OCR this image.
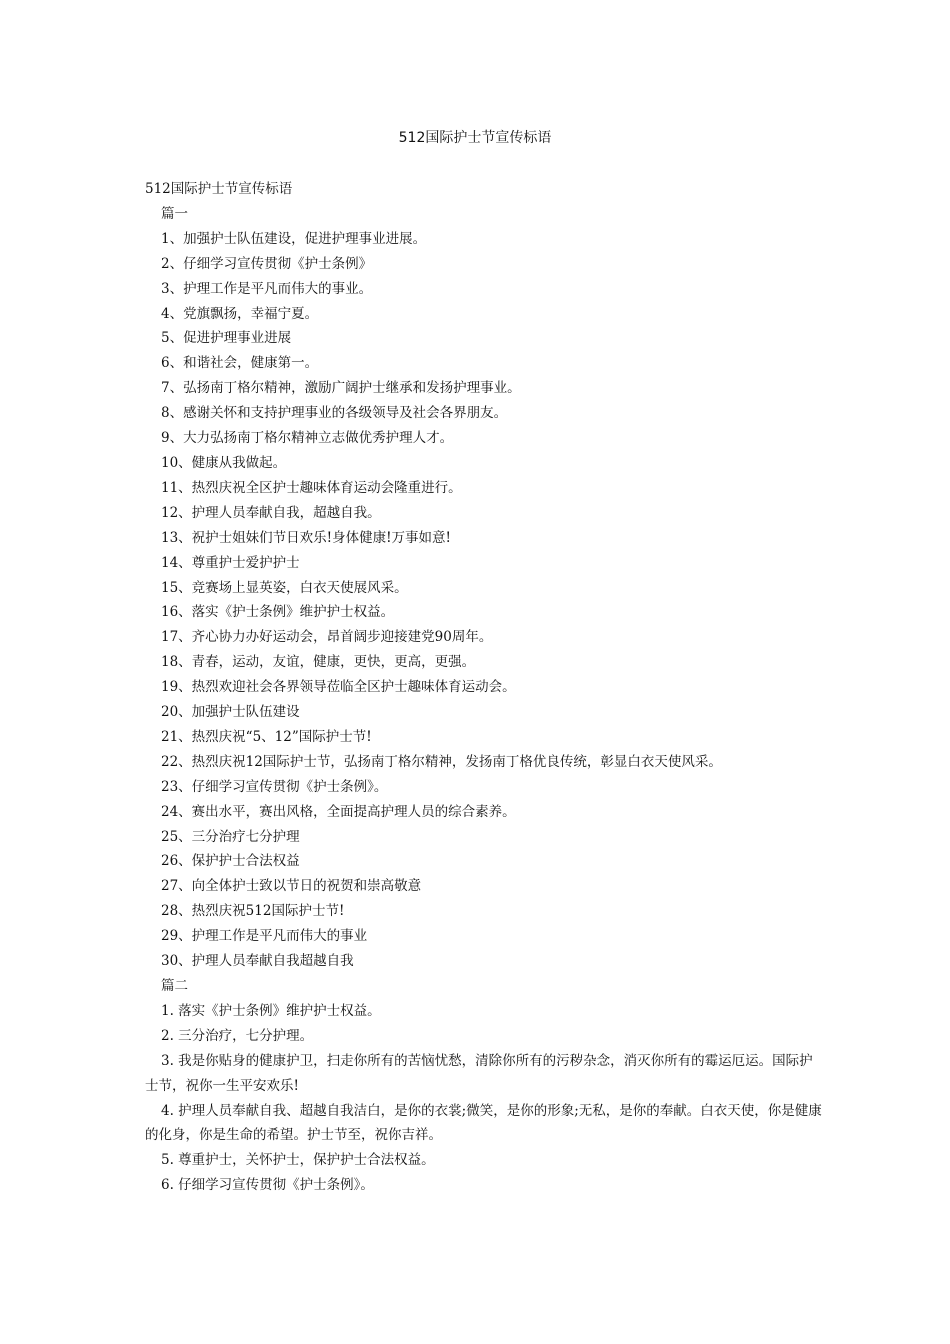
512国际护士节宣传标语

512国际护士节宣传标语

篇一

1、加强护士队伍建设，促进护理事业进展。

2、仔细学习宣传贯彻《护士条例》

3、护理工作是平凡而伟大的事业。

4、党旗飘扬，幸福宁夏。

5、促进护理事业进展

6、和谐社会，健康第一。

7、弘扬南丁格尔精神，激励广阔护士继承和发扬护理事业。

8、感谢关怀和支持护理事业的各级领导及社会各界朋友。

9、大力弘扬南丁格尔精神立志做优秀护理人才。

10、健康从我做起。

11、热烈庆祝全区护士趣味体育运动会隆重进行。

12、护理人员奉献自我，超越自我。

13、祝护士姐妹们节日欢乐!身体健康!万事如意!

14、尊重护士爱护护士

15、竞赛场上显英姿，白衣天使展风采。

16、落实《护士条例》维护护士权益。

17、齐心协力办好运动会，昂首阔步迎接建党90周年。

18、青春，运动，友谊，健康，更快，更高，更强。

19、热烈欢迎社会各界领导莅临全区护士趣味体育运动会。

20、加强护士队伍建设

21、热烈庆祝“5、12”国际护士节!

22、热烈庆祝12国际护士节，弘扬南丁格尔精神，发扬南丁格优良传统，彰显白衣天使风采。

23、仔细学习宣传贯彻《护士条例》。

24、赛出水平，赛出风格，全面提高护理人员的综合素养。

25、三分治疗七分护理

26、保护护士合法权益

27、向全体护士致以节日的祝贺和崇高敬意

28、热烈庆祝512国际护士节!

29、护理工作是平凡而伟大的事业

30、护理人员奉献自我超越自我

篇二

1. 落实《护士条例》维护护士权益。

2. 三分治疗，七分护理。

3. 我是你贴身的健康护卫，扫走你所有的苦恼忧愁，清除你所有的污秽杂念，消灭你所有的霉运厄运。国际护士节，祝你一生平安欢乐!

4. 护理人员奉献自我、超越自我洁白，是你的衣裳;微笑，是你的形象;无私，是你的奉献。白衣天使，你是健康的化身，你是生命的希望。护士节至，祝你吉祥。

5. 尊重护士，关怀护士，保护护士合法权益。

6. 仔细学习宣传贯彻《护士条例》。
